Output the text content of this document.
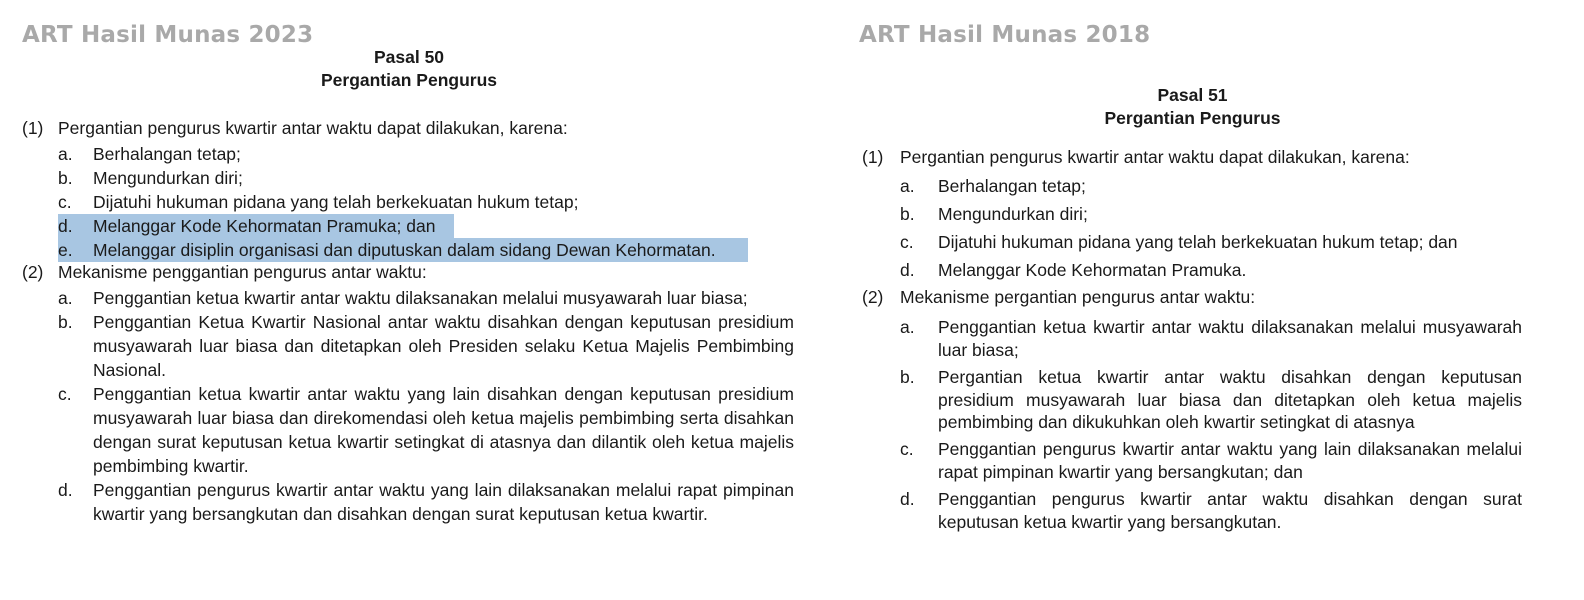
ART Hasil Munas 2023
Pasal 50
Pergantian Pengurus
(1) Pergantian pengurus kwartir antar waktu dapat dilakukan, karena:
a. Berhalangan tetap;
b. Mengundurkan diri;
c. Dijatuhi hukuman pidana yang telah berkekuatan hukum tetap;
d. Melanggar Kode Kehormatan Pramuka; dan
e. Melanggar disiplin organisasi dan diputuskan dalam sidang Dewan Kehormatan.
(2) Mekanisme penggantian pengurus antar waktu:
a. Penggantian ketua kwartir antar waktu dilaksanakan melalui musyawarah luar biasa;
b. Penggantian Ketua Kwartir Nasional antar waktu disahkan dengan keputusan presidium musyawarah luar biasa dan ditetapkan oleh Presiden selaku Ketua Majelis Pembimbing Nasional.
c. Penggantian ketua kwartir antar waktu yang lain disahkan dengan keputusan presidium musyawarah luar biasa dan direkomendasi oleh ketua majelis pembimbing serta disahkan dengan surat keputusan ketua kwartir setingkat di atasnya dan dilantik oleh ketua majelis pembimbing kwartir.
d. Penggantian pengurus kwartir antar waktu yang lain dilaksanakan melalui rapat pimpinan kwartir yang bersangkutan dan disahkan dengan surat keputusan ketua kwartir.
ART Hasil Munas 2018
Pasal 51
Pergantian Pengurus
(1) Pergantian pengurus kwartir antar waktu dapat dilakukan, karena:
a. Berhalangan tetap;
b. Mengundurkan diri;
c. Dijatuhi hukuman pidana yang telah berkekuatan hukum tetap; dan
d. Melanggar Kode Kehormatan Pramuka.
(2) Mekanisme pergantian pengurus antar waktu:
a. Penggantian ketua kwartir antar waktu dilaksanakan melalui musyawarah luar biasa;
b. Pergantian ketua kwartir antar waktu disahkan dengan keputusan presidium musyawarah luar biasa dan ditetapkan oleh ketua majelis pembimbing dan dikukuhkan oleh kwartir setingkat di atasnya
c. Penggantian pengurus kwartir antar waktu yang lain dilaksanakan melalui rapat pimpinan kwartir yang bersangkutan; dan
d. Penggantian pengurus kwartir antar waktu disahkan dengan surat keputusan ketua kwartir yang bersangkutan.
